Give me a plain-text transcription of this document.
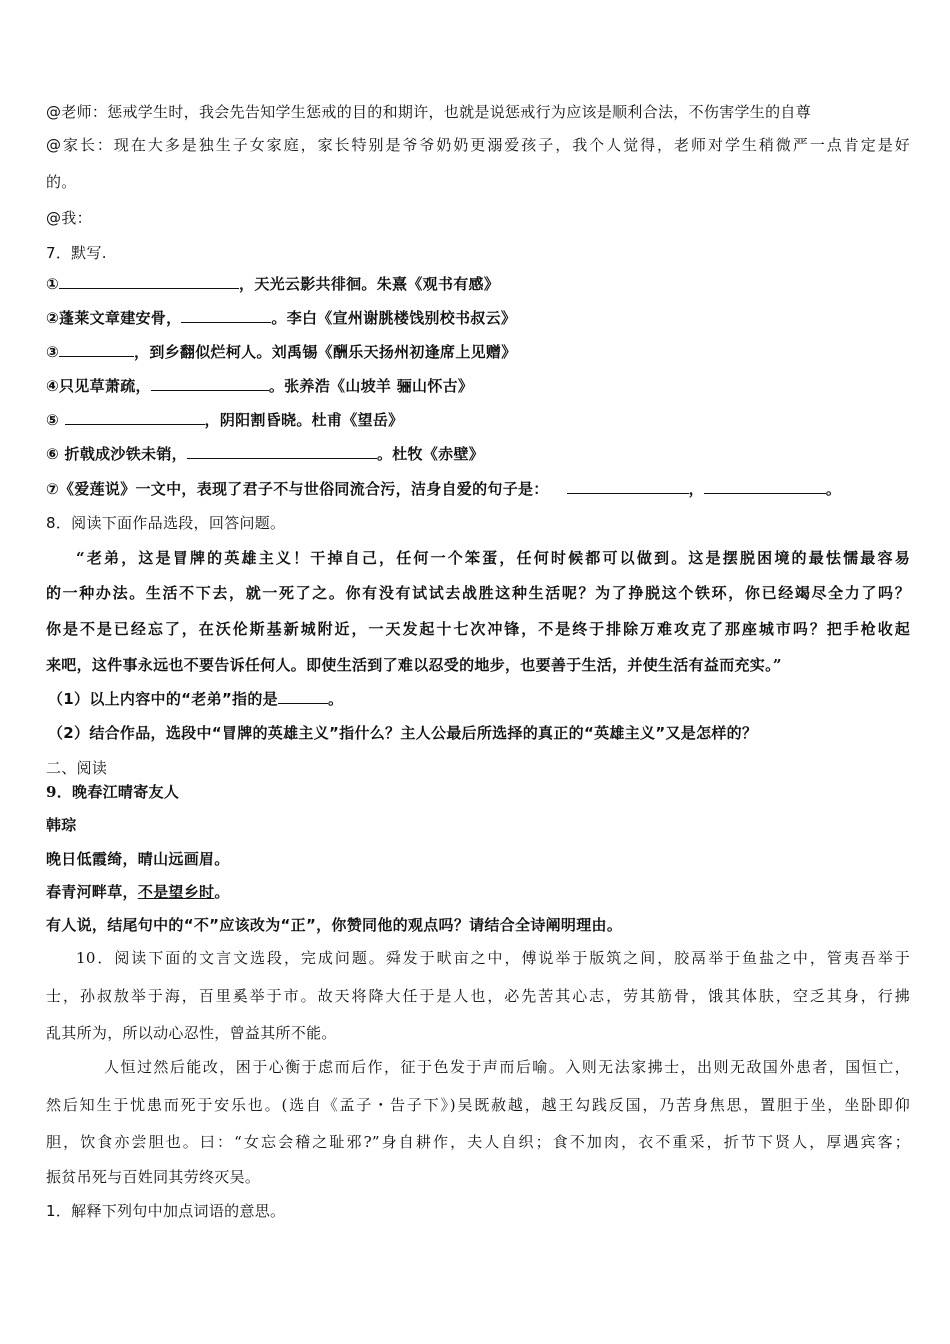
@老师：惩戒学生时，我会先告知学生惩戒的目的和期许，也就是说惩戒行为应该是顺利合法，不伤害学生的自尊
@家长：现在大多是独生子女家庭，家长特别是爷爷奶奶更溺爱孩子，我个人觉得，老师对学生稍微严一点肯定是好
的。
@我：
7．默写.
①	，天光云影共徘徊。朱熹《观书有感》
②蓬莱文章建安骨，	。李白《宣州谢朓楼饯别校书叔云》
③	，到乡翻似烂柯人。刘禹锡《酬乐天扬州初逢席上见赠》
④只见草萧疏，	。张养浩《山坡羊 骊山怀古》
⑤	，阴阳割昏晓。杜甫《望岳》
⑥ 折戟成沙铁未销，	。杜牧《赤壁》
⑦《爱莲说》一文中，表现了君子不与世俗同流合污，洁身自爱的句子是：	，	。
8．阅读下面作品选段，回答问题。
“老弟，这是冒牌的英雄主义！干掉自己，任何一个笨蛋，任何时候都可以做到。这是摆脱困境的最怯懦最容易
的一种办法。生活不下去，就一死了之。你有没有试试去战胜这种生活呢？为了挣脱这个铁环，你已经竭尽全力了吗？
你是不是已经忘了，在沃伦斯基新城附近，一天发起十七次冲锋，不是终于排除万难攻克了那座城市吗？把手枪收起
来吧，这件事永远也不要告诉任何人。即使生活到了难以忍受的地步，也要善于生活，并使生活有益而充实。”
（1）以上内容中的“老弟”指的是	。
（2）结合作品，选段中“冒牌的英雄主义”指什么？主人公最后所选择的真正的“英雄主义”又是怎样的？
二、阅读
9．晚春江晴寄友人
韩琮
晚日低霞绮，晴山远画眉。
春青河畔草，不是望乡时。
有人说，结尾句中的“不”应该改为“正”，你赞同他的观点吗？请结合全诗阐明理由。
10．阅读下面的文言文选段，完成问题。舜发于畎亩之中，傅说举于版筑之间，胶鬲举于鱼盐之中，管夷吾举于
士，孙叔敖举于海，百里奚举于市。故天将降大任于是人也，必先苦其心志，劳其筋骨，饿其体肤，空乏其身，行拂
乱其所为，所以动心忍性，曾益其所不能。
人恒过然后能改，困于心衡于虑而后作，征于色发于声而后喻。入则无法家拂士，出则无敌国外患者，国恒亡，
然后知生于忧患而死于安乐也。(选自《孟子・告子下》)吴既赦越，越王勾践反国，乃苦身焦思，置胆于坐，坐卧即仰
胆，饮食亦尝胆也。曰：“女忘会稽之耻邪?”身自耕作，夫人自织；食不加肉，衣不重采，折节下贤人，厚遇宾客；
振贫吊死与百姓同其劳终灭吴。
1．解释下列句中加点词语的意思。
